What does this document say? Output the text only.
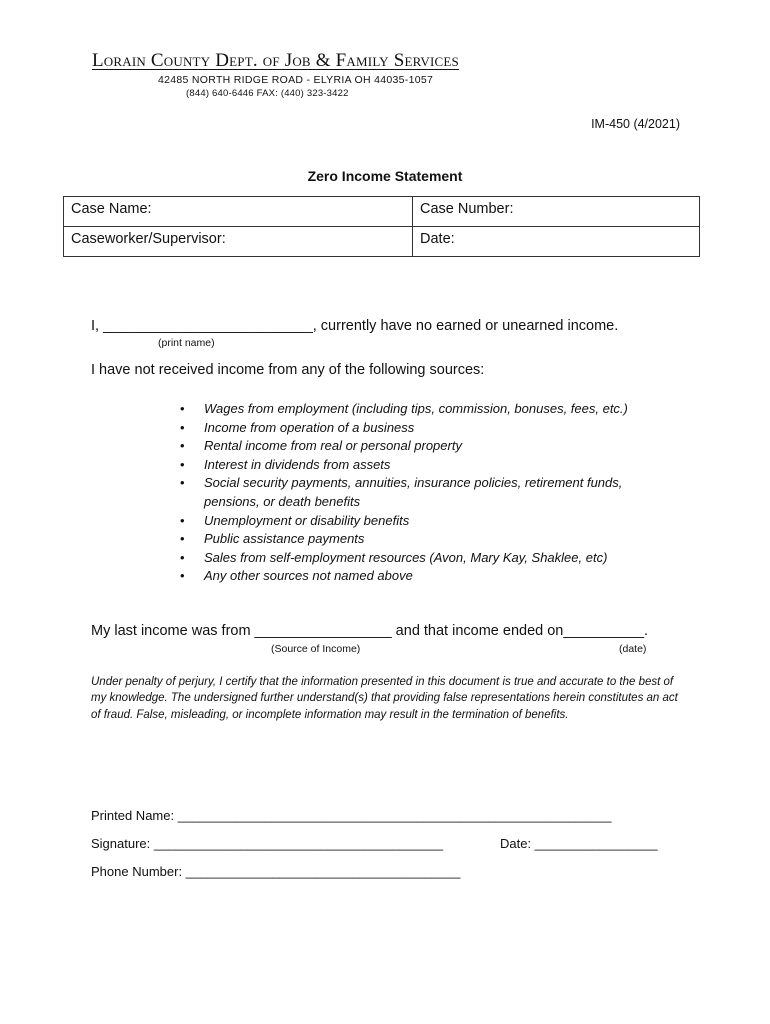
Lorain County Dept. of Job & Family Services
42485 NORTH RIDGE ROAD - ELYRIA OH 44035-1057
(844) 640-6446 FAX: (440) 323-3422
IM-450 (4/2021)
Zero Income Statement
Case Name:	Case Number:
Caseworker/Supervisor:	Date:
I, __________________________, currently have no earned or unearned income.
(print name)
I have not received income from any of the following sources:
• Wages from employment (including tips, commission, bonuses, fees, etc.)
• Income from operation of a business
• Rental income from real or personal property
• Interest in dividends from assets
• Social security payments, annuities, insurance policies, retirement funds, pensions, or death benefits
• Unemployment or disability benefits
• Public assistance payments
• Sales from self-employment resources (Avon, Mary Kay, Shaklee, etc)
• Any other sources not named above
My last income was from _________________ and that income ended on__________.
(Source of Income)	(date)
Under penalty of perjury, I certify that the information presented in this document is true and accurate to the best of my knowledge. The undersigned further understand(s) that providing false representations herein constitutes an act of fraud. False, misleading, or incomplete information may result in the termination of benefits.
Printed Name: ____________________________________________________________
Signature: ________________________________________	Date: _________________
Phone Number: ______________________________________
